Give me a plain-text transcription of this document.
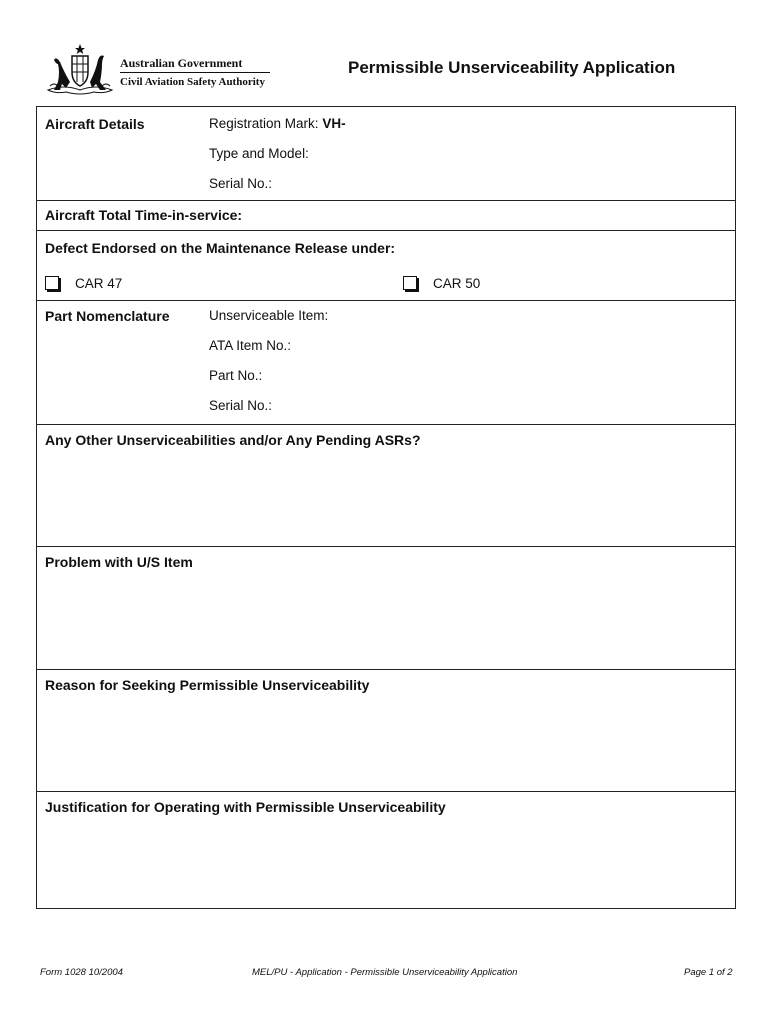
Australian Government
Civil Aviation Safety Authority
Permissible Unserviceability Application
Aircraft Details	Registration Mark: VH-
Type and Model:
Serial No.:
Aircraft Total Time-in-service:
Defect Endorsed on the Maintenance Release under:
CAR 47	CAR 50
Part Nomenclature	Unserviceable Item:
ATA Item No.:
Part No.:
Serial No.:
Any Other Unserviceabilities and/or Any Pending ASRs?
Problem with U/S Item
Reason for Seeking Permissible Unserviceability
Justification for Operating with Permissible Unserviceability
Form 1028 10/2004	MEL/PU - Application - Permissible Unserviceability Application	Page 1 of 2
